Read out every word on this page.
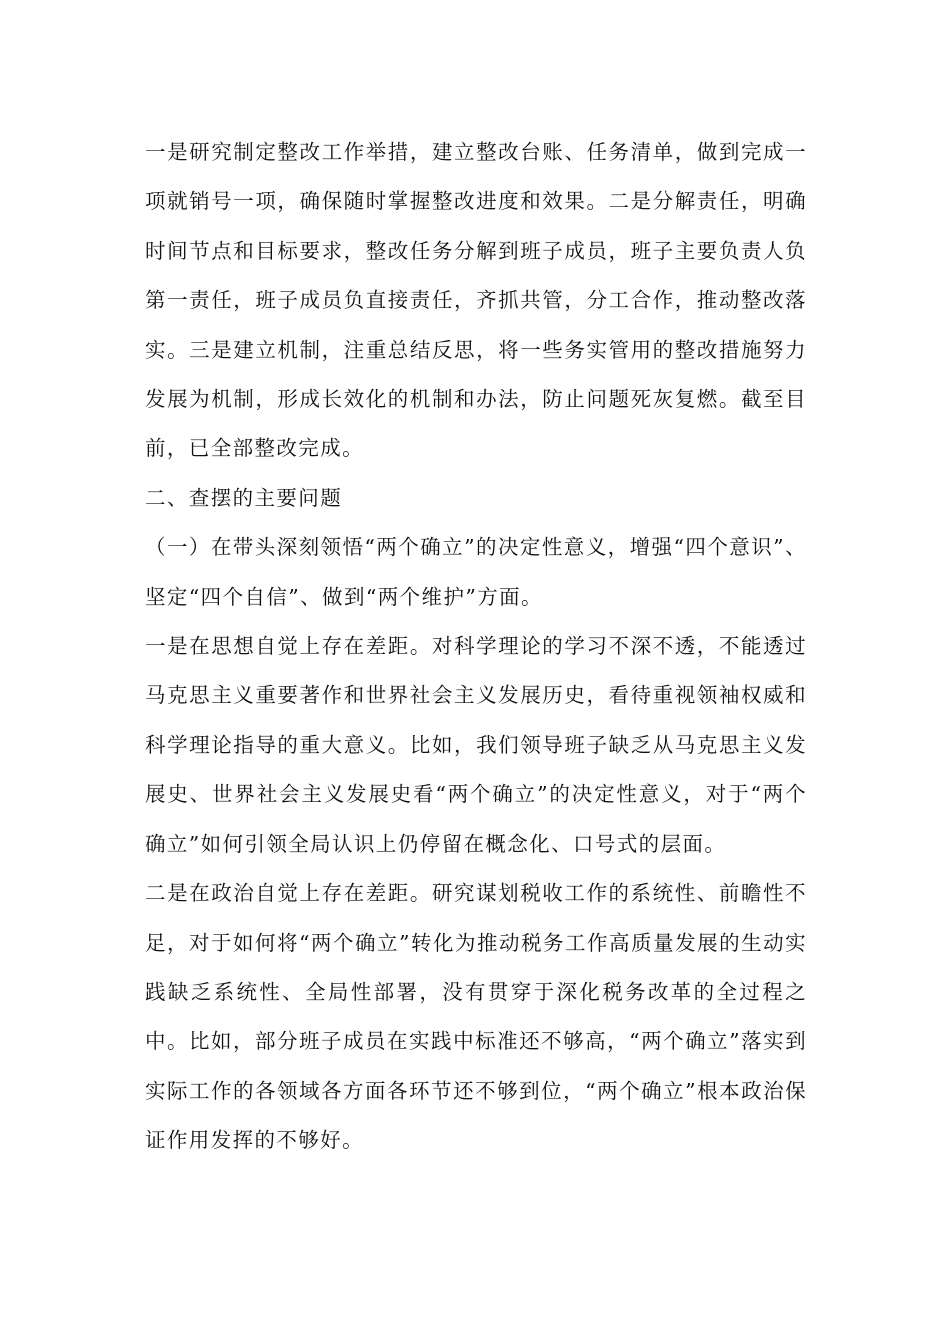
一是研究制定整改工作举措，建立整改台账、任务清单，做到完成一项就销号一项，确保随时掌握整改进度和效果。二是分解责任，明确时间节点和目标要求，整改任务分解到班子成员，班子主要负责人负第一责任，班子成员负直接责任，齐抓共管，分工合作，推动整改落实。三是建立机制，注重总结反思，将一些务实管用的整改措施努力发展为机制，形成长效化的机制和办法，防止问题死灰复燃。截至目前，已全部整改完成。

二、查摆的主要问题

（一）在带头深刻领悟“两个确立”的决定性意义，增强“四个意识”、坚定“四个自信”、做到“两个维护”方面。

一是在思想自觉上存在差距。对科学理论的学习不深不透，不能透过马克思主义重要著作和世界社会主义发展历史，看待重视领袖权威和科学理论指导的重大意义。比如，我们领导班子缺乏从马克思主义发展史、世界社会主义发展史看“两个确立”的决定性意义，对于“两个确立”如何引领全局认识上仍停留在概念化、口号式的层面。

二是在政治自觉上存在差距。研究谋划税收工作的系统性、前瞻性不足，对于如何将“两个确立”转化为推动税务工作高质量发展的生动实践缺乏系统性、全局性部署，没有贯穿于深化税务改革的全过程之中。比如，部分班子成员在实践中标准还不够高，“两个确立”落实到实际工作的各领域各方面各环节还不够到位，“两个确立”根本政治保证作用发挥的不够好。
